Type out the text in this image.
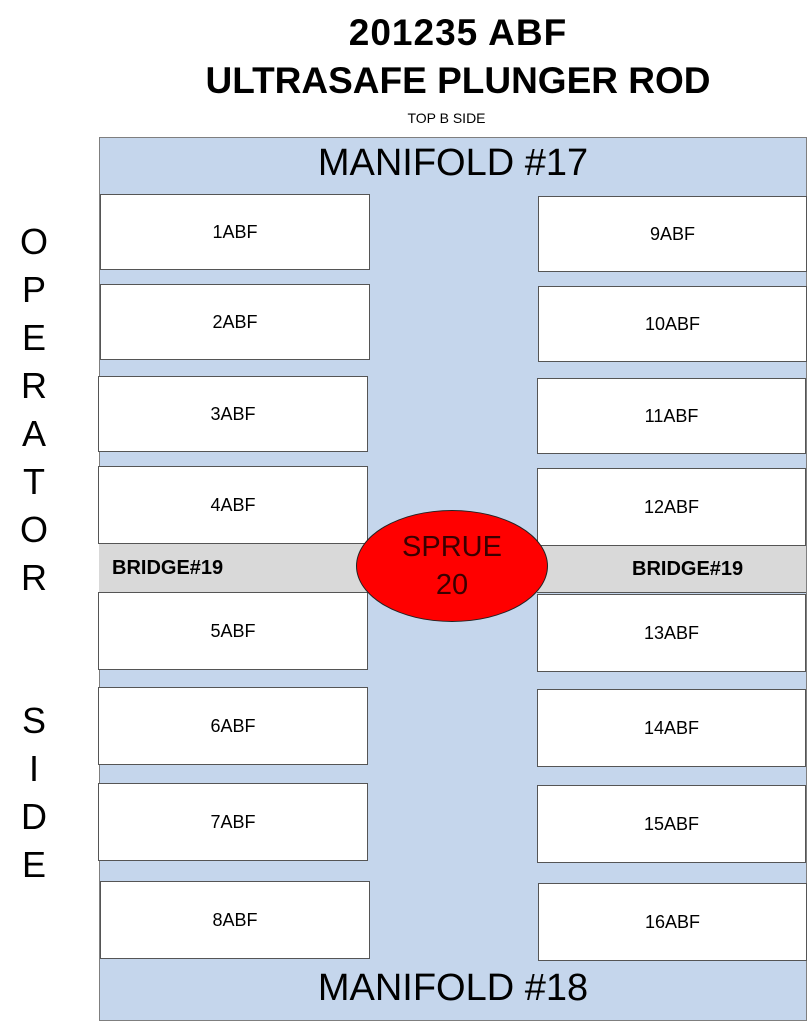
201235 ABF
ULTRASAFE PLUNGER ROD
TOP B SIDE
MANIFOLD #17
MANIFOLD #18
1ABF
2ABF
3ABF
4ABF
5ABF
6ABF
7ABF
8ABF
9ABF
10ABF
11ABF
12ABF
13ABF
14ABF
15ABF
16ABF
BRIDGE#19	BRIDGE#19
SPRUE
20
O
P
E
R
A
T
O
R
S
I
D
E
